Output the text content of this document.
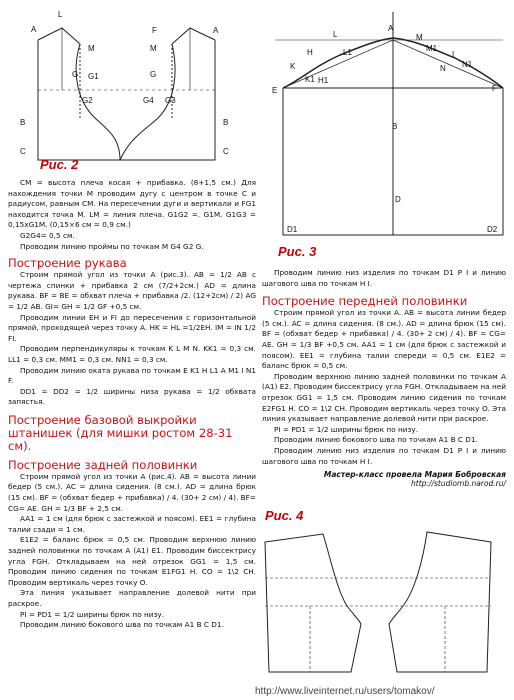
A
L
M
G G1
G2
B
C
F	A
M
G
G4 G3
B
C
Рис. 2
A
B
D
D1	D2
E	F
H
H1
K
K1
L
L1
M
M1
N N1
I
Рис. 3

CM = высота плеча косая + прибавка. (8+1,5 см.) Для нахождения точки M проводим дугу с центром в точке C и радиусом, равным CM. На пересечении дуги и вертикали и FG1 находится точка M. LM = линия плеча. G1G2 =. G1M. G1G3 = 0,15xG1M. (0,15×6 см = 0,9 см.)

G2G4= 0,5 см.

Проводим линию проймы по точкам M G4 G2 G.

Построение рукава

Строим прямой угол из точки A (рис.3). AB = 1/2 AB с чертежа спинки + прибавка 2 см (7/2+2см.) AD = длина рукава. BF = BE = обхват плеча + прибавка /2. (12+2см) / 2) AG = 1/2 AB. GI= GH = 1/2 GF +0,5 см.

Проводим линии EH и FI до пересечения с горизонтальной прямой, проходящей через точку A. HK = HL =1/2EH. IM = IN 1/2 FI.

Проводим перпендикуляры к точкам K L M N. KK1 = 0,3 см. LL1 = 0,3 см. MM1 = 0,3 см. NN1 = 0,3 см.

Проводим линию оката рукава по точкам E K1 H L1 A M1 I N1 F.

DD1 = DD2 = 1/2 ширины низа рукава = 1/2 обхвата запястья.

Построение базовой выкройки штанишек (для мишки ростом 28-31 см).
Построение задней половинки

Строим прямой угол из точки A (рис.4). AB = высота линии бедер (5 см.). AC = длина сидения. (8 см.). AD = длина брюк (15 см). BF = (обхват бедер + прибавка) / 4. (30+ 2 см) / 4). BF= CG= AE. GH = 1/3 BF + 2,5 см.

AA1 = 1 см (для брюк с застежкой и поясом). EE1 = глубина талии сзади = 1 см.

E1E2 = баланс брюк = 0,5 см. Проводим верхнюю линию задней половинки по точкам A (A1) E1. Проводим биссектрису угла FGH. Откладываем на ней отрезок GG1 = 1,5 см. Проводим линию сидения по точкам E1FG1 H. CO = 1\2 CH. Проводим вертикаль через точку O.

Эта линия указывает направление долевой нити при раскрое.

PI = PD1 = 1/2 ширины брюк по низу.

Проводим линию бокового шва по точкам A1 B C D1.

Проводим линию низ изделия по точкам D1 P I и линию шагового шва по точкам H I.

Построение передней половинки

Строим прямой угол из точки A. AB = высота линии бедер (5 см.). AC = длина сидения. (8 см.). AD = длина брюк (15 см). BF = (обхват бедер + прибавка) / 4. (30+ 2 см) / 4). BF = CG= AE. GH = 1/3 BF +0,5 см. AA1 = 1 см (для брюк с застежкой и поясом). EE1 = глубина талии спереди = 0,5 см. E1E2 = баланс брюк = 0,5 см.

Проводим верхнюю линию задней половинки по точкам A (A1) E2. Проводим биссектрису угла FGH. Откладываем на ней отрезок GG1 = 1,5 см. Проводим линию сидения по точкам E2FG1 H. CO = 1\2 CH. Проводим вертикаль через точку O. Эта линия указывает направление долевой нити при раскрое.

PI = PD1 = 1/2 ширины брюк по низу.

Проводим линию бокового шва по точкам A1 B C D1.

Проводим линию низ изделия по точкам D1 P I и линию шагового шва по точкам H I.

Мастер-класс провела Мария Бобровская
http://studiomb.narod.ru/
Рис. 4
http://www.liveinternet.ru/users/tomakov/
